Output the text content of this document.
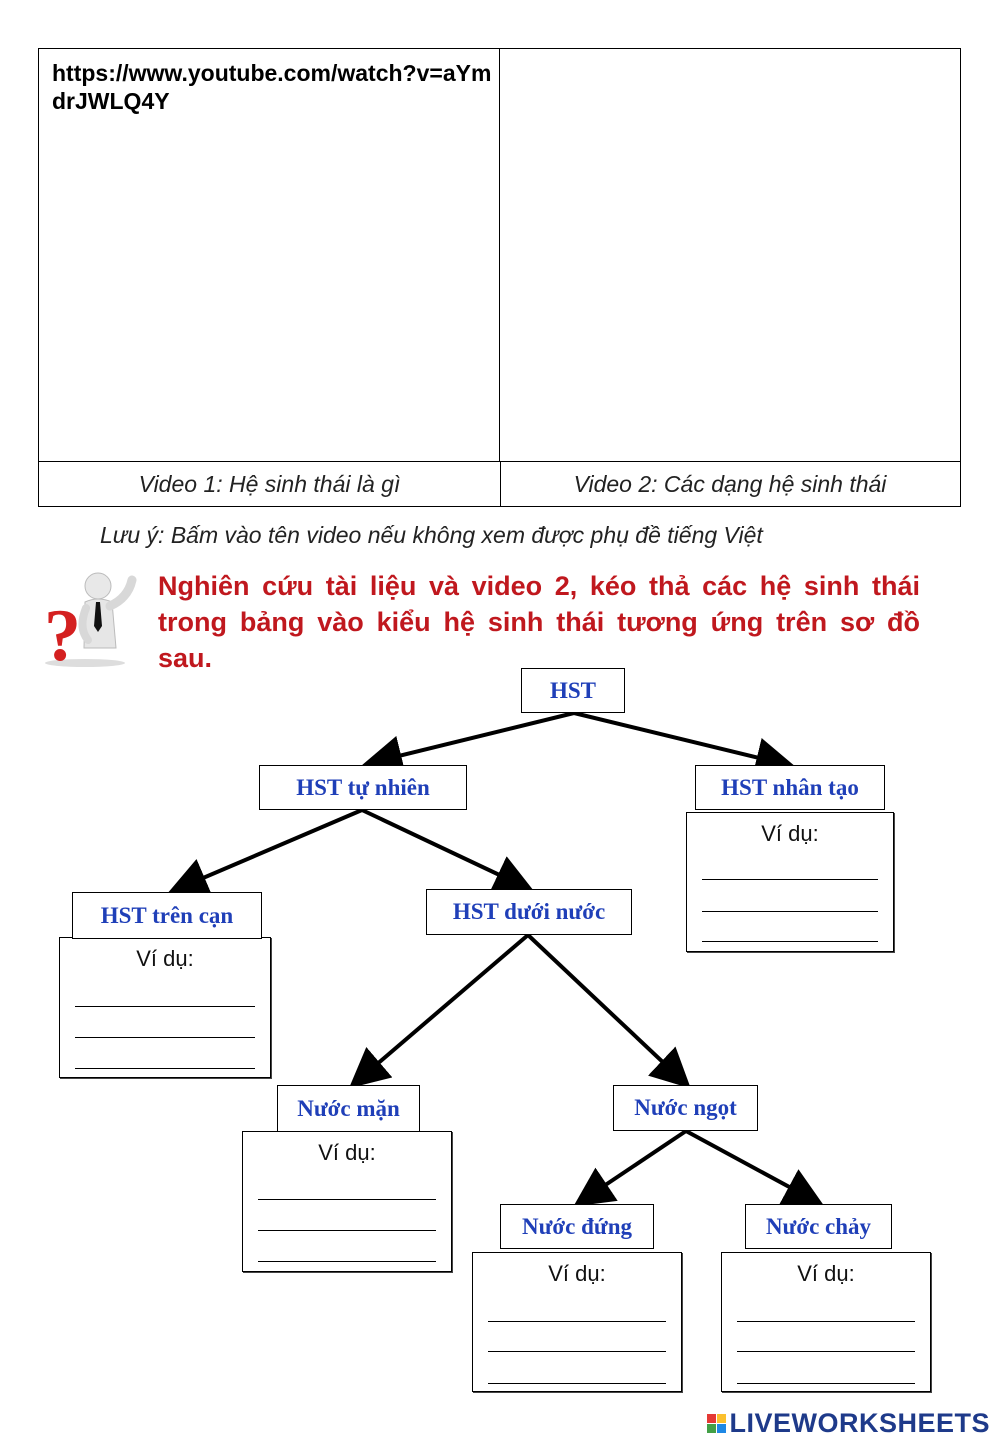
https://www.youtube.com/watch?v=aYmdrJWLQ4Y
Video 1: Hệ sinh thái là gì	Video 2: Các dạng hệ sinh thái
Lưu ý: Bấm vào tên video nếu không xem được phụ đề tiếng Việt
?
Nghiên cứu tài liệu và video 2, kéo thả các hệ sinh thái trong bảng vào kiểu hệ sinh thái tương ứng trên sơ đồ sau.
HST
HST tự nhiên	HST nhân tạo
HST trên cạn	HST dưới nước
Nước mặn	Nước ngọt
Nước đứng	Nước chảy
Ví dụ:
Ví dụ:
Ví dụ:
Ví dụ:	Ví dụ:
LIVEWORKSHEETS
